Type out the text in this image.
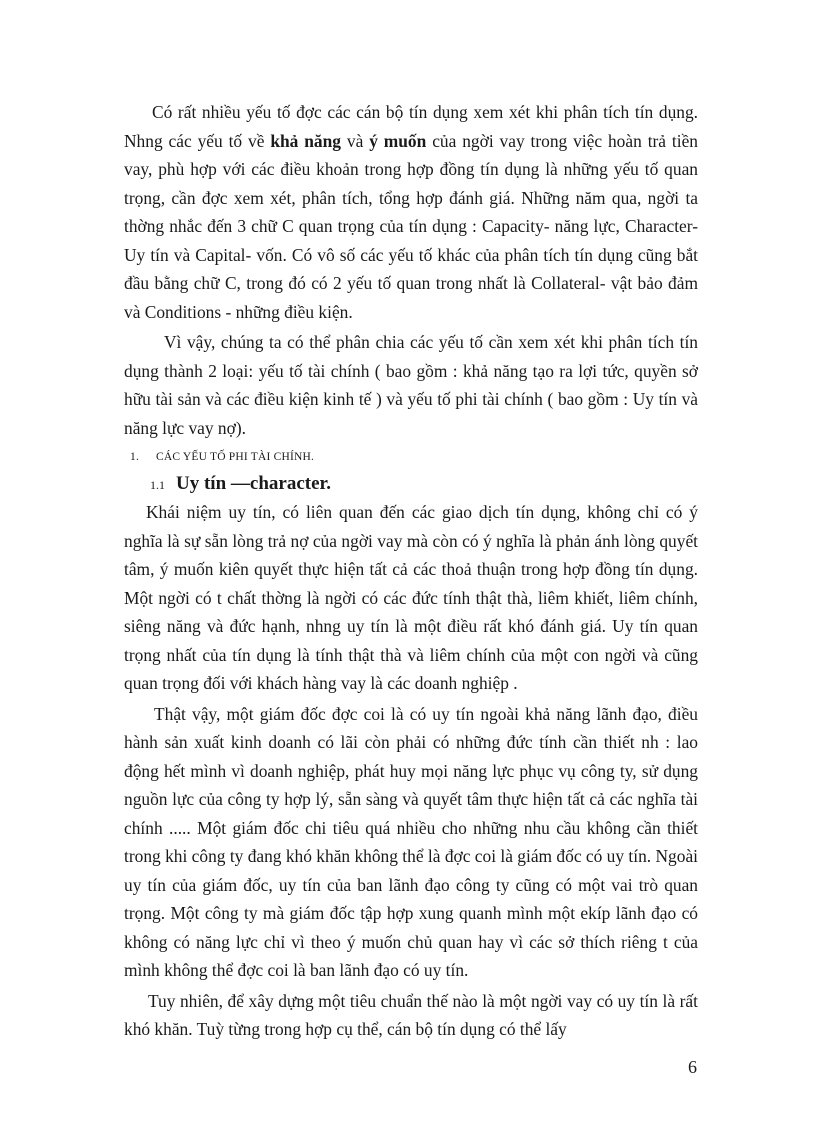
Có rất nhiều yếu tố đợc các cán bộ tín dụng xem xét khi phân tích tín dụng. Nhng các yếu tố về khả năng và ý muốn của ngời vay trong việc hoàn trả tiền vay, phù hợp với các điều khoản trong hợp đồng tín dụng là những yếu tố quan trọng, cần đợc xem xét, phân tích, tổng hợp đánh giá. Những năm qua, ngời ta thờng nhắc đến 3 chữ C quan trọng của tín dụng : Capacity- năng lực, Character- Uy tín và Capital- vốn. Có vô số các yếu tố khác của phân tích tín dụng cũng bắt đầu bằng chữ C, trong đó có 2 yếu tố quan trong nhất là Collateral- vật bảo đảm và Conditions - những điều kiện.

Vì vậy, chúng ta có thể phân chia các yếu tố cần xem xét khi phân tích tín dụng thành 2 loại: yếu tố tài chính ( bao gồm : khả năng tạo ra lợi tức, quyền sở hữu tài sản và các điều kiện kinh tế ) và yếu tố phi tài chính ( bao gồm : Uy tín và năng lực vay nợ).

1. CÁC YẾU TỐ PHI TÀI CHÍNH.
1.1 Uy tín —character.

Khái niệm uy tín, có liên quan đến các giao dịch tín dụng, không chỉ có ý nghĩa là sự sẵn lòng trả nợ của ngời vay mà còn có ý nghĩa là phản ánh lòng quyết tâm, ý muốn kiên quyết thực hiện tất cả các thoả thuận trong hợp đồng tín dụng. Một ngời có t chất thờng là ngời có các đức tính thật thà, liêm khiết, liêm chính, siêng năng và đức hạnh, nhng uy tín là một điều rất khó đánh giá. Uy tín quan trọng nhất của tín dụng là tính thật thà và liêm chính của một con ngời và cũng quan trọng đối với khách hàng vay là các doanh nghiệp .

Thật vậy, một giám đốc đợc coi là có uy tín ngoài khả năng lãnh đạo, điều hành sản xuất kinh doanh có lãi còn phải có những đức tính cần thiết nh : lao động hết mình vì doanh nghiệp, phát huy mọi năng lực phục vụ công ty, sử dụng nguồn lực của công ty hợp lý, sẵn sàng và quyết tâm thực hiện tất cả các nghĩa tài chính ..... Một giám đốc chi tiêu quá nhiều cho những nhu cầu không cần thiết trong khi công ty đang khó khăn không thể là đợc coi là giám đốc có uy tín. Ngoài uy tín của giám đốc, uy tín của ban lãnh đạo công ty cũng có một vai trò quan trọng. Một công ty mà giám đốc tập hợp xung quanh mình một ekíp lãnh đạo có không có năng lực chỉ vì theo ý muốn chủ quan hay vì các sở thích riêng t của mình không thể đợc coi là ban lãnh đạo có uy tín.

Tuy nhiên, để xây dựng một tiêu chuẩn thế nào là một ngời vay có uy tín là rất khó khăn. Tuỳ từng trong hợp cụ thể, cán bộ tín dụng có thể lấy

6
